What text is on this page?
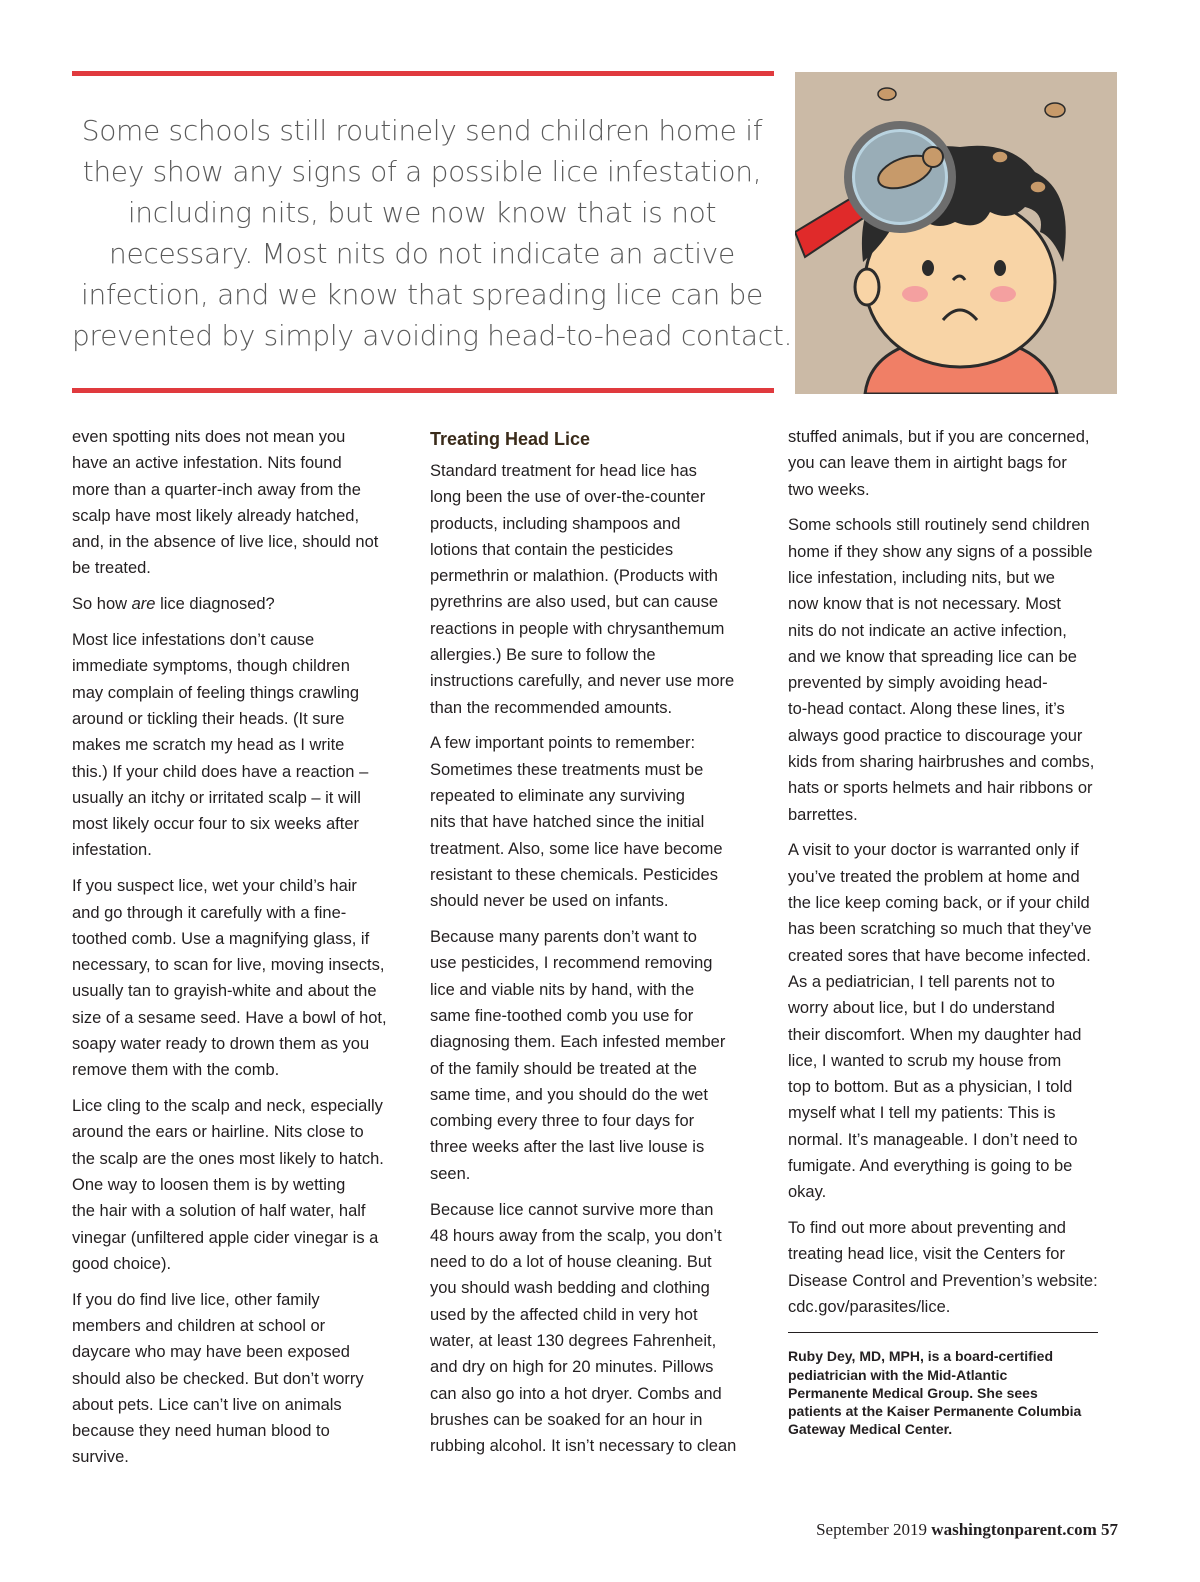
Some schools still routinely send children home if
they show any signs of a possible lice infestation,
including nits, but we now know that is not
necessary. Most nits do not indicate an active
infection, and we know that spreading lice can be
prevented by simply avoiding head-to-head contact.
even spotting nits does not mean you
have an active infestation. Nits found
more than a quarter-inch away from the
scalp have most likely already hatched,
and, in the absence of live lice, should not
be treated.
So how are lice diagnosed?
Most lice infestations don’t cause
immediate symptoms, though children
may complain of feeling things crawling
around or tickling their heads. (It sure
makes me scratch my head as I write
this.) If your child does have a reaction –
usually an itchy or irritated scalp – it will
most likely occur four to six weeks after
infestation.
If you suspect lice, wet your child’s hair
and go through it carefully with a fine-
toothed comb. Use a magnifying glass, if
necessary, to scan for live, moving insects,
usually tan to grayish-white and about the
size of a sesame seed. Have a bowl of hot,
soapy water ready to drown them as you
remove them with the comb.
Lice cling to the scalp and neck, especially
around the ears or hairline. Nits close to
the scalp are the ones most likely to hatch.
One way to loosen them is by wetting
the hair with a solution of half water, half
vinegar (unfiltered apple cider vinegar is a
good choice).
If you do find live lice, other family
members and children at school or
daycare who may have been exposed
should also be checked. But don’t worry
about pets. Lice can’t live on animals
because they need human blood to
survive.
Treating Head Lice
Standard treatment for head lice has
long been the use of over-the-counter
products, including shampoos and
lotions that contain the pesticides
permethrin or malathion. (Products with
pyrethrins are also used, but can cause
reactions in people with chrysanthemum
allergies.) Be sure to follow the
instructions carefully, and never use more
than the recommended amounts.
A few important points to remember:
Sometimes these treatments must be
repeated to eliminate any surviving
nits that have hatched since the initial
treatment. Also, some lice have become
resistant to these chemicals. Pesticides
should never be used on infants.
Because many parents don’t want to
use pesticides, I recommend removing
lice and viable nits by hand, with the
same fine-toothed comb you use for
diagnosing them. Each infested member
of the family should be treated at the
same time, and you should do the wet
combing every three to four days for
three weeks after the last live louse is
seen.
Because lice cannot survive more than
48 hours away from the scalp, you don’t
need to do a lot of house cleaning. But
you should wash bedding and clothing
used by the affected child in very hot
water, at least 130 degrees Fahrenheit,
and dry on high for 20 minutes. Pillows
can also go into a hot dryer. Combs and
brushes can be soaked for an hour in
rubbing alcohol. It isn’t necessary to clean
stuffed animals, but if you are concerned,
you can leave them in airtight bags for
two weeks.
Some schools still routinely send children
home if they show any signs of a possible
lice infestation, including nits, but we
now know that is not necessary. Most
nits do not indicate an active infection,
and we know that spreading lice can be
prevented by simply avoiding head-
to-head contact. Along these lines, it’s
always good practice to discourage your
kids from sharing hairbrushes and combs,
hats or sports helmets and hair ribbons or
barrettes.
A visit to your doctor is warranted only if
you’ve treated the problem at home and
the lice keep coming back, or if your child
has been scratching so much that they’ve
created sores that have become infected.
As a pediatrician, I tell parents not to
worry about lice, but I do understand
their discomfort. When my daughter had
lice, I wanted to scrub my house from
top to bottom. But as a physician, I told
myself what I tell my patients: This is
normal. It’s manageable. I don’t need to
fumigate. And everything is going to be
okay.
To find out more about preventing and
treating head lice, visit the Centers for
Disease Control and Prevention’s website:
cdc.gov/parasites/lice.
Ruby Dey, MD, MPH, is a board-certified
pediatrician with the Mid-Atlantic
Permanente Medical Group. She sees
patients at the Kaiser Permanente Columbia
Gateway Medical Center.
September 2019 washingtonparent.com 57
